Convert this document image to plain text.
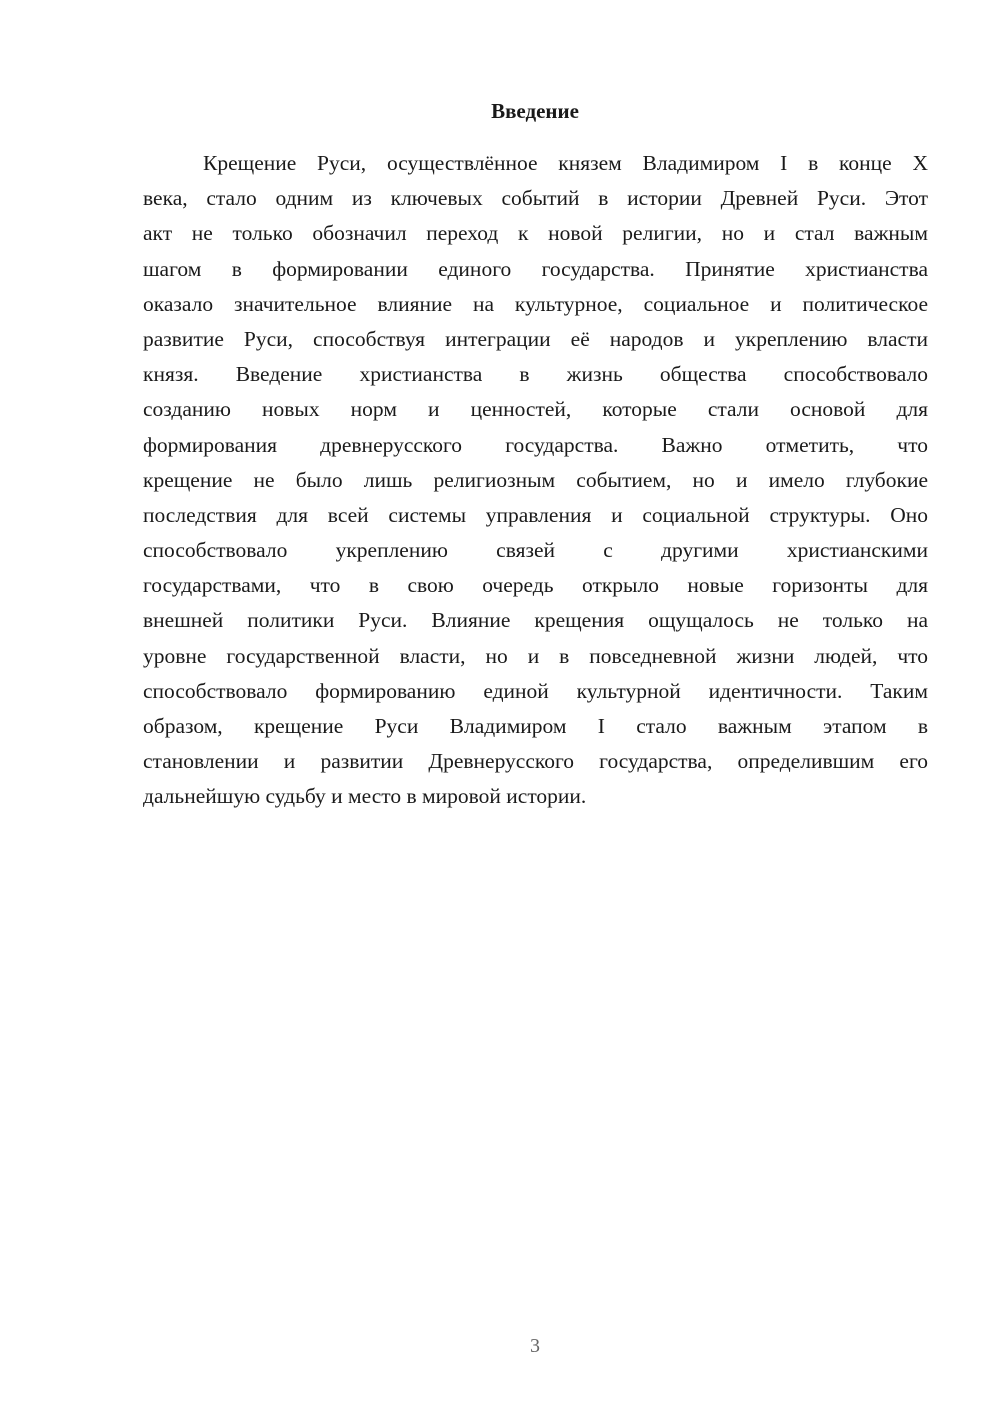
Введение
Крещение Руси, осуществлённое князем Владимиром I в конце X
века, стало одним из ключевых событий в истории Древней Руси. Этот
акт не только обозначил переход к новой религии, но и стал важным
шагом в формировании единого государства. Принятие христианства
оказало значительное влияние на культурное, социальное и политическое
развитие Руси, способствуя интеграции её народов и укреплению власти
князя. Введение христианства в жизнь общества способствовало
созданию новых норм и ценностей, которые стали основой для
формирования древнерусского государства. Важно отметить, что
крещение не было лишь религиозным событием, но и имело глубокие
последствия для всей системы управления и социальной структуры. Оно
способствовало укреплению связей с другими христианскими
государствами, что в свою очередь открыло новые горизонты для
внешней политики Руси. Влияние крещения ощущалось не только на
уровне государственной власти, но и в повседневной жизни людей, что
способствовало формированию единой культурной идентичности. Таким
образом, крещение Руси Владимиром I стало важным этапом в
становлении и развитии Древнерусского государства, определившим его
дальнейшую судьбу и место в мировой истории.
3
